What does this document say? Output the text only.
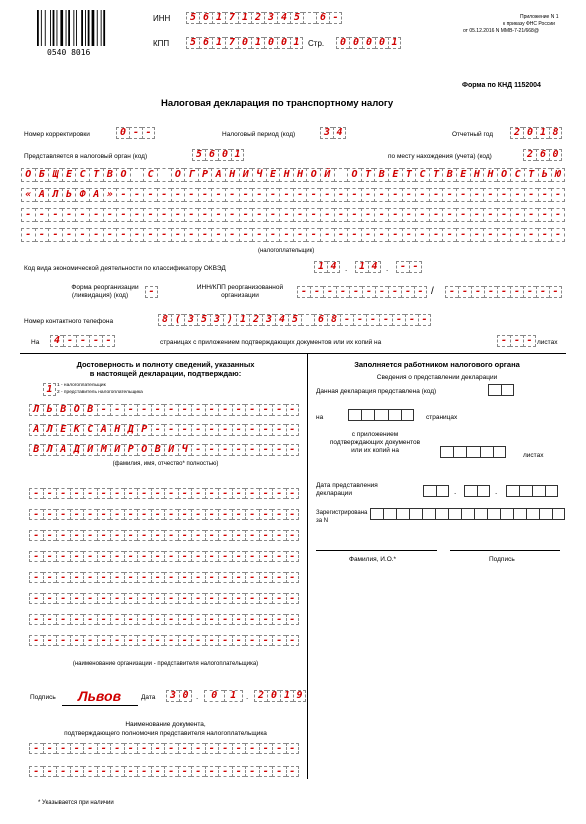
0540 8016
ИНН	5 6 1 7 1 2 3 4 5	6 -
КПП	5 6 1 7 0 1 0 0 1	Стр.	0 0 0 0 1
Приложение N 1
к приказу ФНС России
от 05.12.2016 N ММВ-7-21/668@
Форма по КНД 1152004
Налоговая декларация по транспортному налогу
Номер корректировки	0 - -	Налоговый период (код)	3 4	Отчетный год	2 0 1 8
Представляется в налоговый орган (код)	5 6 0 1	по месту нахождения (учета) (код)	2 6 0
О Б Щ Е С Т В О	С	О Г Р А Н И Ч Е Н Н О Й	О Т В Е Т С Т В Е Н Н О С Т Ь Ю
« А Л Ь Ф А » - - - - - - - - - - - - - - - - - - - - - - - - - - - - - - - - -
- - - - - - - - - - - - - - - - - - - - - - - - - - - - - - - - - - - - - - - -
- - - - - - - - - - - - - - - - - - - - - - - - - - - - - - - - - - - - - - - -
(налогоплательщик)
Код вида экономической деятельности по классификатору ОКВЭД	1 4	.	1 4	.	- -
Форма реорганизации
(ликвидация) (код)	-	ИНН/КПП реорганизованной
организации	- - - - - - - - - - /	- - - - - - - - -
Номер контактного телефона	8 ( 3 5 3 ) 1 2 3 4 5	6 8 - - - - - - -
На	4 - - - -	страницах с приложением подтверждающих документов или их копий на	- - - листах
Достоверность и полноту сведений, указанных
в настоящей декларации, подтверждаю:
1 1 - налогоплательщик
2 - представитель налогоплательщика
Л Ь В О В - - - - - - - - - - - - - - -
А Л Е К С А Н Д Р - - - - - - - - - - -
В Л А Д И М И Р О В И Ч - - - - - - - -
(фамилия, имя, отчество* полностью)
- - - - - - - - - - - - - - - - - - - -
- - - - - - - - - - - - - - - - - - - -
- - - - - - - - - - - - - - - - - - - -
- - - - - - - - - - - - - - - - - - - -
- - - - - - - - - - - - - - - - - - - -
- - - - - - - - - - - - - - - - - - - -
- - - - - - - - - - - - - - - - - - - -
- - - - - - - - - - - - - - - - - - - -
(наименование организации - представителя налогоплательщика)
Подпись Львов	Дата	3 0 .	0	1	. 2 0 1 9
Наименование документа,
подтверждающего полномочия представителя налогоплательщика
- - - - - - - - - - - - - - - - - - - -
- - - - - - - - - - - - - - - - - - - -
Заполняется работником налогового органа
Сведения о представлении декларации
Данная декларация представлена (код)
на	страницах
с приложением
подтверждающих документов
или их копий на
листах
Дата представления
декларации	.	.
Зарегистрирована
за N
Фамилия, И.О.*	Подпись
* Указывается при наличии
